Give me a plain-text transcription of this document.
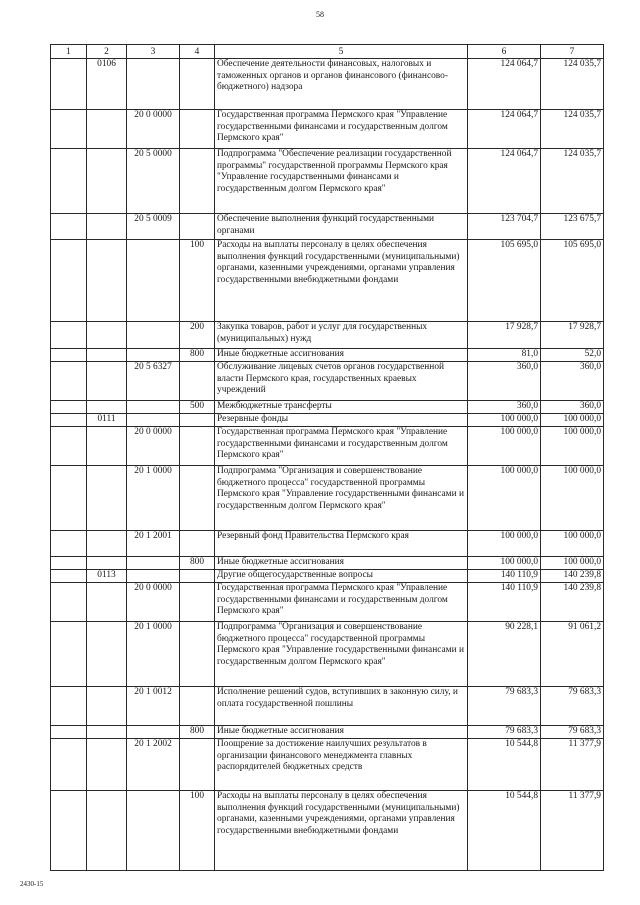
58
1	2	3	4	5	6	7
	0106			Обеспечение деятельности финансовых, налоговых и таможенных органов и органов финансового (финансово-бюджетного) надзора	124 064,7	124 035,7
		20 0 0000		Государственная программа Пермского края "Управление государственными финансами и государственным долгом Пермского края"	124 064,7	124 035,7
		20 5 0000		Подпрограмма "Обеспечение реализации государственной программы" государственной программы Пермского края "Управление государственными финансами и государственным долгом Пермского края"	124 064,7	124 035,7
		20 5 0009		Обеспечение выполнения функций государственными органами	123 704,7	123 675,7
			100	Расходы на выплаты персоналу в целях обеспечения выполнения функций государственными (муниципальными) органами, казенными учреждениями, органами управления государственными внебюджетными фондами	105 695,0	105 695,0
			200	Закупка товаров, работ и услуг для государственных (муниципальных) нужд	17 928,7	17 928,7
			800	Иные бюджетные ассигнования	81,0	52,0
		20 5 6327		Обслуживание лицевых счетов органов государственной власти Пермского края, государственных краевых учреждений	360,0	360,0
			500	Межбюджетные трансферты	360,0	360,0
	0111			Резервные фонды	100 000,0	100 000,0
		20 0 0000		Государственная программа Пермского края "Управление государственными финансами и государственным долгом Пермского края"	100 000,0	100 000,0
		20 1 0000		Подпрограмма "Организация и совершенствование бюджетного процесса" государственной программы Пермского края "Управление государственными финансами и государственным долгом Пермского края"	100 000,0	100 000,0
		20 1 2001		Резервный фонд Правительства Пермского края	100 000,0	100 000,0
			800	Иные бюджетные ассигнования	100 000,0	100 000,0
	0113			Другие общегосударственные вопросы	140 110,9	140 239,8
		20 0 0000		Государственная программа Пермского края "Управление государственными финансами и государственным долгом Пермского края"	140 110,9	140 239,8
		20 1 0000		Подпрограмма "Организация и совершенствование бюджетного процесса" государственной программы Пермского края "Управление государственными финансами и государственным долгом Пермского края"	90 228,1	91 061,2
		20 1 0012		Исполнение решений судов, вступивших в законную силу, и оплата государственной пошлины	79 683,3	79 683,3
			800	Иные бюджетные ассигнования	79 683,3	79 683,3
		20 1 2002		Поощрение за достижение наилучших результатов в организации финансового менеджмента главных распорядителей бюджетных средств	10 544,8	11 377,9
			100	Расходы на выплаты персоналу в целях обеспечения выполнения функций государственными (муниципальными) органами, казенными учреждениями, органами управления государственными внебюджетными фондами	10 544,8	11 377,9
2430-15
